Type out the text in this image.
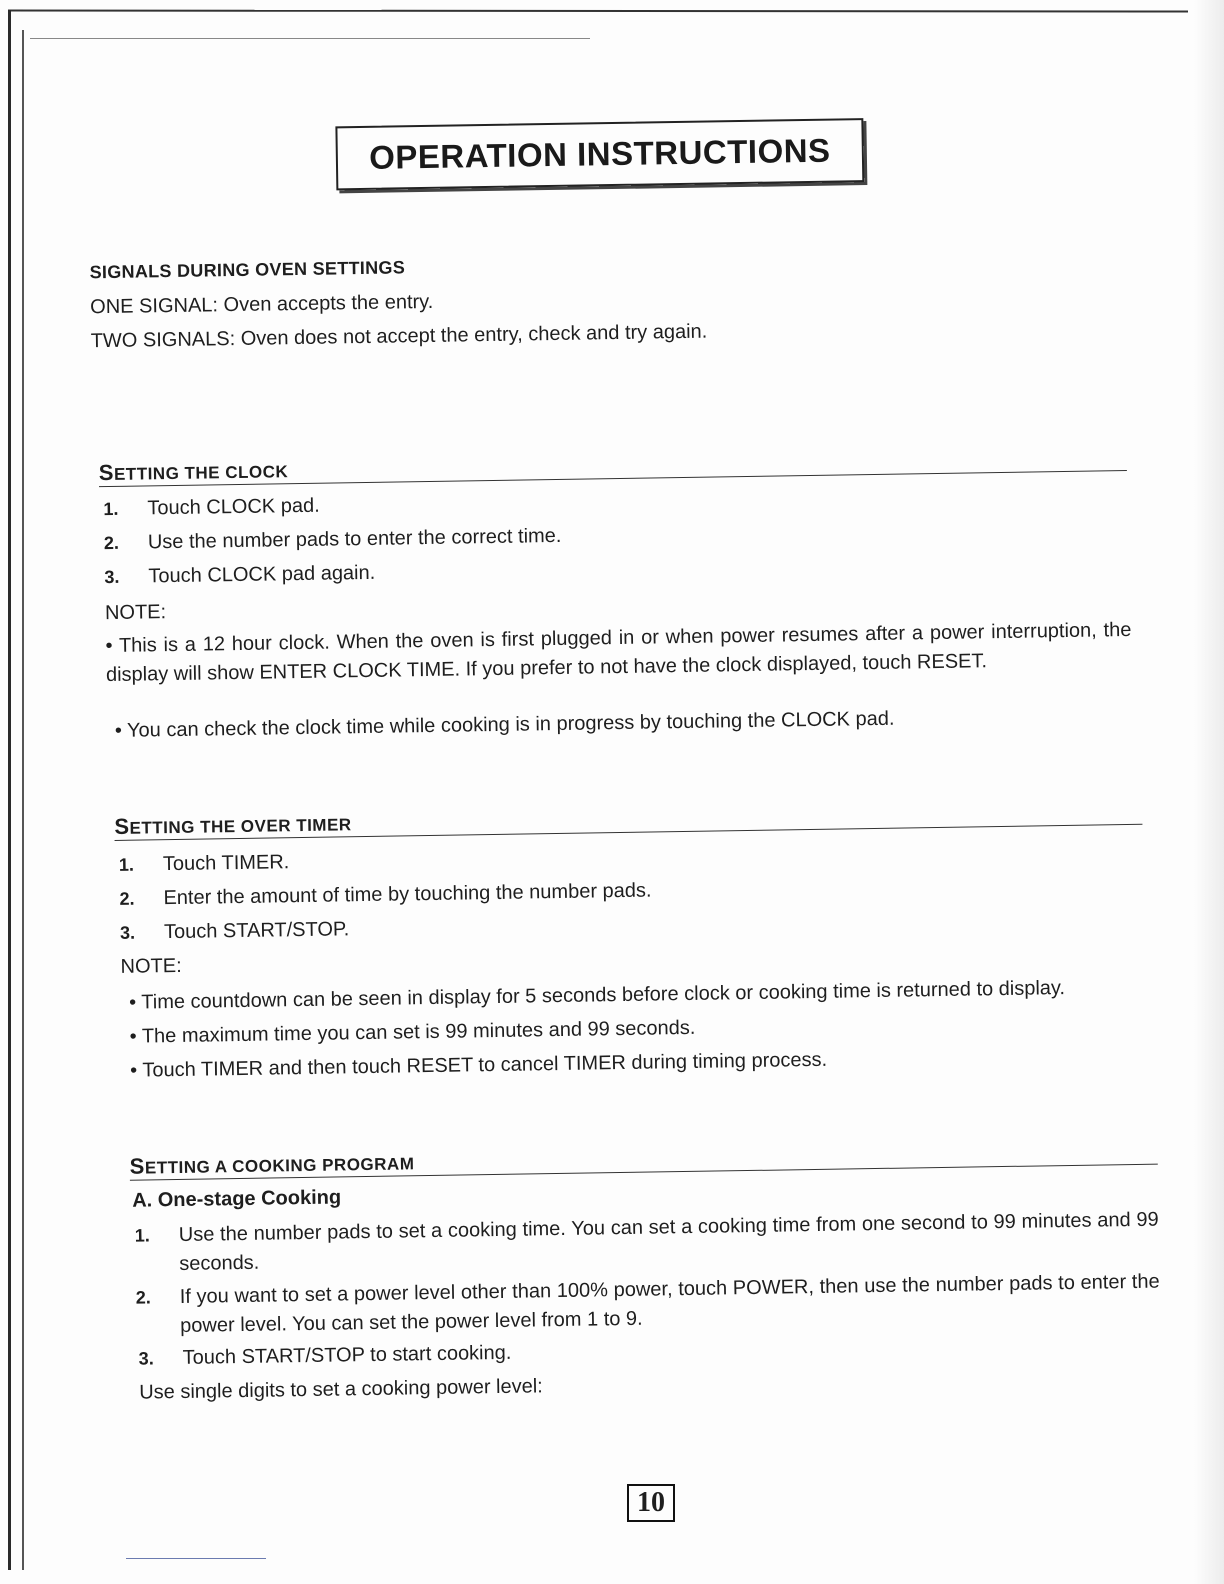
OPERATION INSTRUCTIONS
SIGNALS DURING OVEN SETTINGS
ONE SIGNAL: Oven accepts the entry.
TWO SIGNALS: Oven does not accept the entry, check and try again.
SETTING THE CLOCK
1. Touch CLOCK pad.
2. Use the number pads to enter the correct time.
3. Touch CLOCK pad again.
NOTE:
• This is a 12 hour clock. When the oven is first plugged in or when power resumes after a power interruption, the display will show ENTER CLOCK TIME. If you prefer to not have the clock displayed, touch RESET.
• You can check the clock time while cooking is in progress by touching the CLOCK pad.
SETTING THE OVER TIMER
1. Touch TIMER.
2. Enter the amount of time by touching the number pads.
3. Touch START/STOP.
NOTE:
• Time countdown can be seen in display for 5 seconds before clock or cooking time is returned to display.
• The maximum time you can set is 99 minutes and 99 seconds.
• Touch TIMER and then touch RESET to cancel TIMER during timing process.
SETTING A COOKING PROGRAM
A. One-stage Cooking
1.	Use the number pads to set a cooking time. You can set a cooking time from one second to 99 minutes and 99 seconds.
2.	If you want to set a power level other than 100% power, touch POWER, then use the number pads to enter the power level. You can set the power level from 1 to 9.
3. Touch START/STOP to start cooking.
Use single digits to set a cooking power level:
10
